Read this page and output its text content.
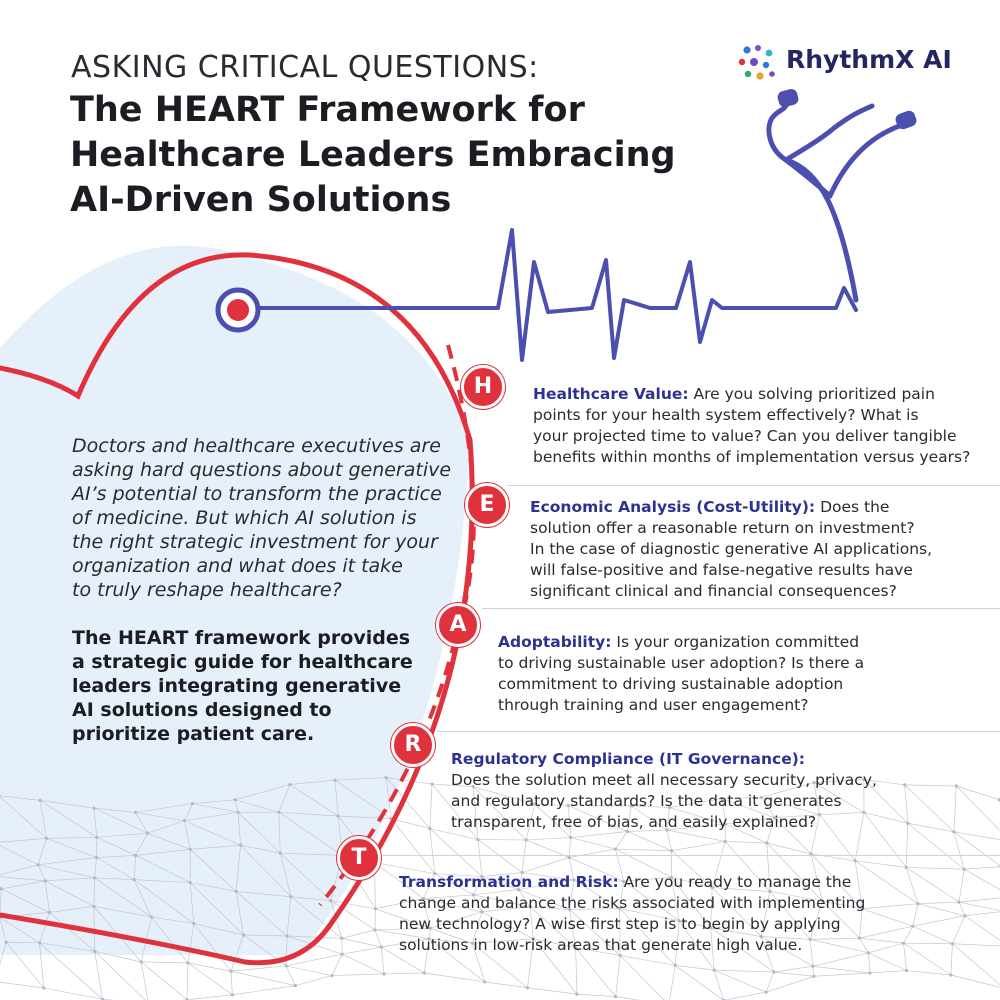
ASKING CRITICAL QUESTIONS:
The HEART Framework for
Healthcare Leaders Embracing
AI-Driven Solutions
RhythmX AI
Doctors and healthcare executives are
asking hard questions about generative
AI’s potential to transform the practice
of medicine. But which AI solution is
the right strategic investment for your
organization and what does it take
to truly reshape healthcare?
The HEART framework provides
a strategic guide for healthcare
leaders integrating generative
AI solutions designed to
prioritize patient care.
H
E
A
R
T
Healthcare Value: Are you solving prioritized pain
points for your health system effectively? What is
your projected time to value? Can you deliver tangible
benefits within months of implementation versus years?
Economic Analysis (Cost-Utility): Does the
solution offer a reasonable return on investment?
In the case of diagnostic generative AI applications,
will false-positive and false-negative results have
significant clinical and financial consequences?
Adoptability: Is your organization committed
to driving sustainable user adoption? Is there a
commitment to driving sustainable adoption
through training and user engagement?
Regulatory Compliance (IT Governance):
Does the solution meet all necessary security, privacy,
and regulatory standards? Is the data it generates
transparent, free of bias, and easily explained?
Transformation and Risk: Are you ready to manage the
change and balance the risks associated with implementing
new technology? A wise first step is to begin by applying
solutions in low-risk areas that generate high value.
